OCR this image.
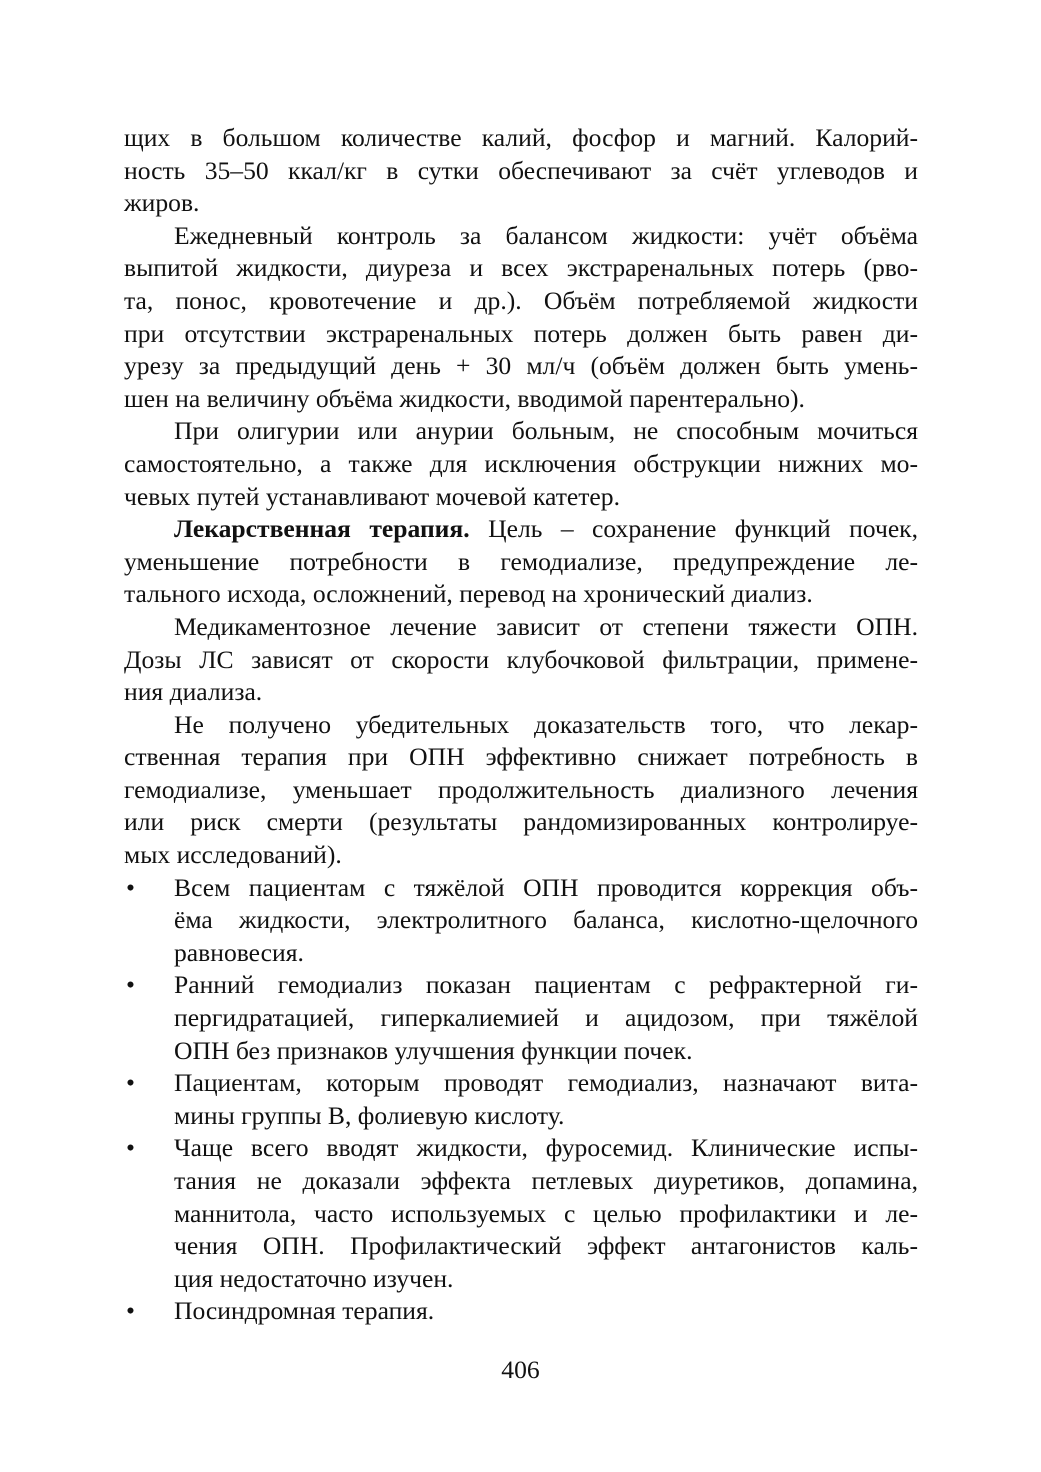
щих в большом количестве калий, фосфор и магний. Калорий-
ность 35–50 ккал/кг в сутки обеспечивают за счёт углеводов и
жиров.
Ежедневный контроль за балансом жидкости: учёт объёма
выпитой жидкости, диуреза и всех экстраренальных потерь (рво-
та, понос, кровотечение и др.). Объём потребляемой жидкости
при отсутствии экстраренальных потерь должен быть равен ди-
урезу за предыдущий день + 30 мл/ч (объём должен быть умень-
шен на величину объёма жидкости, вводимой парентерально).
При олигурии или анурии больным, не способным мочиться
самостоятельно, а также для исключения обструкции нижних мо-
чевых путей устанавливают мочевой катетер.
Лекарственная терапия. Цель – сохранение функций почек,
уменьшение потребности в гемодиализе, предупреждение ле-
тального исхода, осложнений, перевод на хронический диализ.
Медикаментозное лечение зависит от степени тяжести ОПН.
Дозы ЛС зависят от скорости клубочковой фильтрации, примене-
ния диализа.
Не получено убедительных доказательств того, что лекар-
ственная терапия при ОПН эффективно снижает потребность в
гемодиализе, уменьшает продолжительность диализного лечения
или риск смерти (результаты рандомизированных контролируе-
мых исследований).
• Всем пациентам с тяжёлой ОПН проводится коррекция объ-
ёма жидкости, электролитного баланса, кислотно-щелочного
равновесия.
• Ранний гемодиализ показан пациентам с рефрактерной ги-
пергидратацией, гиперкалиемией и ацидозом, при тяжёлой
ОПН без признаков улучшения функции почек.
• Пациентам, которым проводят гемодиализ, назначают вита-
мины группы В, фолиевую кислоту.
• Чаще всего вводят жидкости, фуросемид. Клинические испы-
тания не доказали эффекта петлевых диуретиков, допамина,
маннитола, часто используемых с целью профилактики и ле-
чения ОПН. Профилактический эффект антагонистов каль-
ция недостаточно изучен.
• Посиндромная терапия.
406
